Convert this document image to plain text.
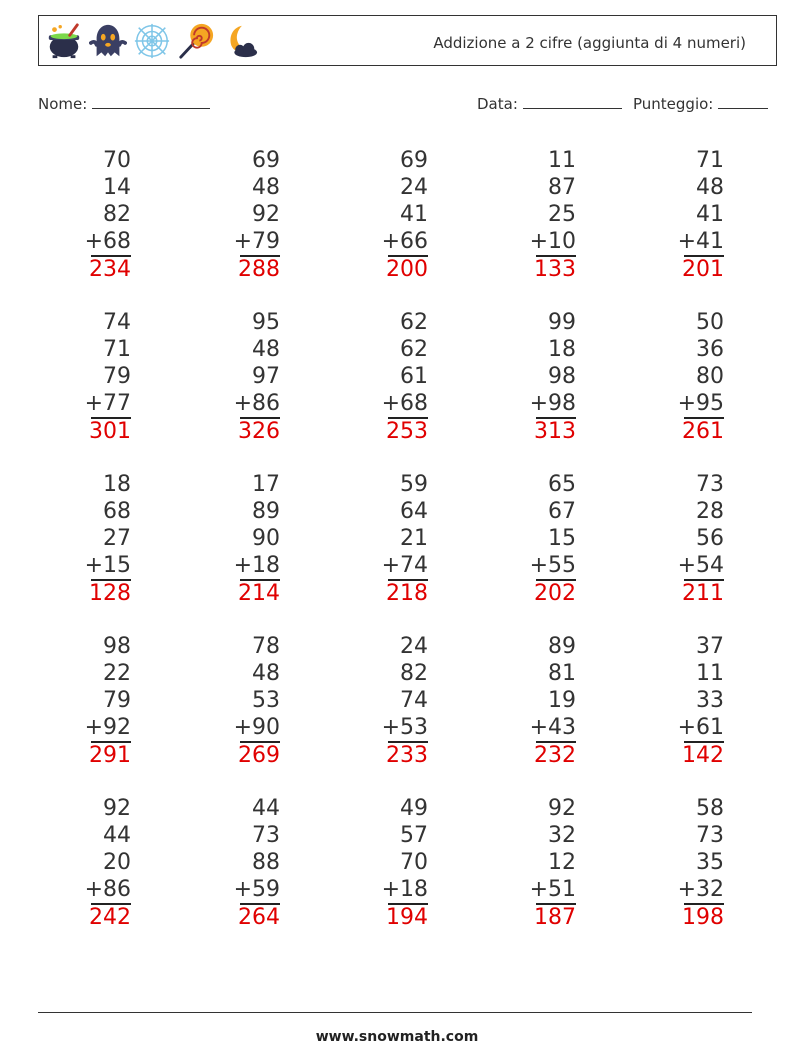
Addizione a 2 cifre (aggiunta di 4 numeri)
Nome:	Data:	Punteggio:
70
14
82
+68
234
69
48
92
+79
288
69
24
41
+66
200
11
87
25
+10
133
71
48
41
+41
201
74
71
79
+77
301
95
48
97
+86
326
62
62
61
+68
253
99
18
98
+98
313
50
36
80
+95
261
18
68
27
+15
128
17
89
90
+18
214
59
64
21
+74
218
65
67
15
+55
202
73
28
56
+54
211
98
22
79
+92
291
78
48
53
+90
269
24
82
74
+53
233
89
81
19
+43
232
37
11
33
+61
142
92
44
20
+86
242
44
73
88
+59
264
49
57
70
+18
194
92
32
12
+51
187
58
73
35
+32
198
www.snowmath.com
